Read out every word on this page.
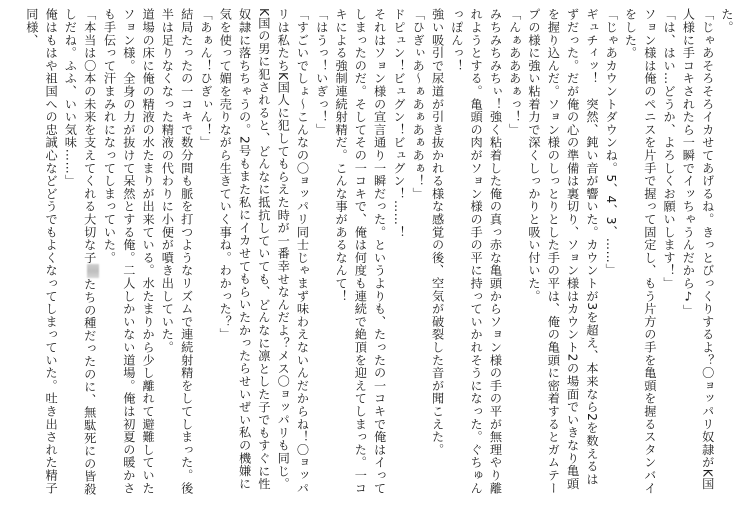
た。

「じゃあそろそろイカせてあげるね。きっとびっくりするよ？〇ョッパリ奴隷がK国人様に手コキされたら一瞬でイッちゃうんだから♪」

「は、はい…どうか、よろしくお願いします！」

ソョン様は俺のペニスを片手で握って固定し、もう片方の手を亀頭を握るスタンバイをした。

「じゃあカウントダウンね。5、4、3、……」

ギュチィッ！　突然、鈍い音が響いた。カウントが3を超え、本来なら2を数えるはずだった。だが俺の心の準備は裏切り、ソョン様はカウント2の場面でいきなり亀頭を握り込んだ。ソョン様のしっとりとした手の平は、俺の亀頭に密着するとガムテープの様に強い粘着力で深くしっかりと吸い付いた。

「んぁあああぁっ！」

みちみちみちぃ！強く粘着した俺の真っ赤な亀頭からソョン様の手の平が無理やり離れようとする。亀頭の肉がソョン様の手の平に持っていかれそうになった。ぐちゅんっぽんっ！

強い吸引で尿道が引き抜かれる様な感覚の後、空気が破裂した音が聞こえた。

「ひぎぃあ～ぁあぁあぁあぁ！」

ドピュン！ビュグン！ビュグン！……！

それはソョン様の宣言通り一瞬だった。というよりも、たったの一コキで俺はイってしまったのだ。そしてその一コキで、俺は何度も連続で絶頂を迎えてしまった。一コキによる強制連続射精だ。こんな事があるなんて！

「はうっ！いぎっ！」

「すごいでしょ～こんなの〇ョッパリ同士じゃまず味わえないんだからね！〇ョッパリは私たちK国人に犯してもらえた時が一番幸せなんだよ？メス〇ョッパリも同じ。K国の男に犯されると、どんなに抵抗していても、どんなに凛とした子でもすぐに性奴隷に落ちちゃうの。2号もまた私にイカせてもらいたかったらせいぜい私の機嫌に気を使って媚を売りながら生きていく事ね。わかった？」

「あぁん！ひぎぃん！」

結局たったの一コキで数分間も脈を打つようなリズムで連続射精をしてしまった。後半は足りなくなった精液の代わりに小便が噴き出していた。

道場の床に俺の精液の水たまりが出来ている。水たまりから少し離れて避難していたソョン様。全身の力が抜けて呆然とする俺。二人しかいない道場。俺は初夏の暖かさも手伝って汗まみれになってしまっていた。

「本当は〇本の未来を支えてくれる大切な子たちの種だったのに、無駄死にの皆殺しだね。ふふ、いい気味……」

俺はもはや祖国への忠誠心などどうでもよくなってしまっていた。吐き出された精子同様、
